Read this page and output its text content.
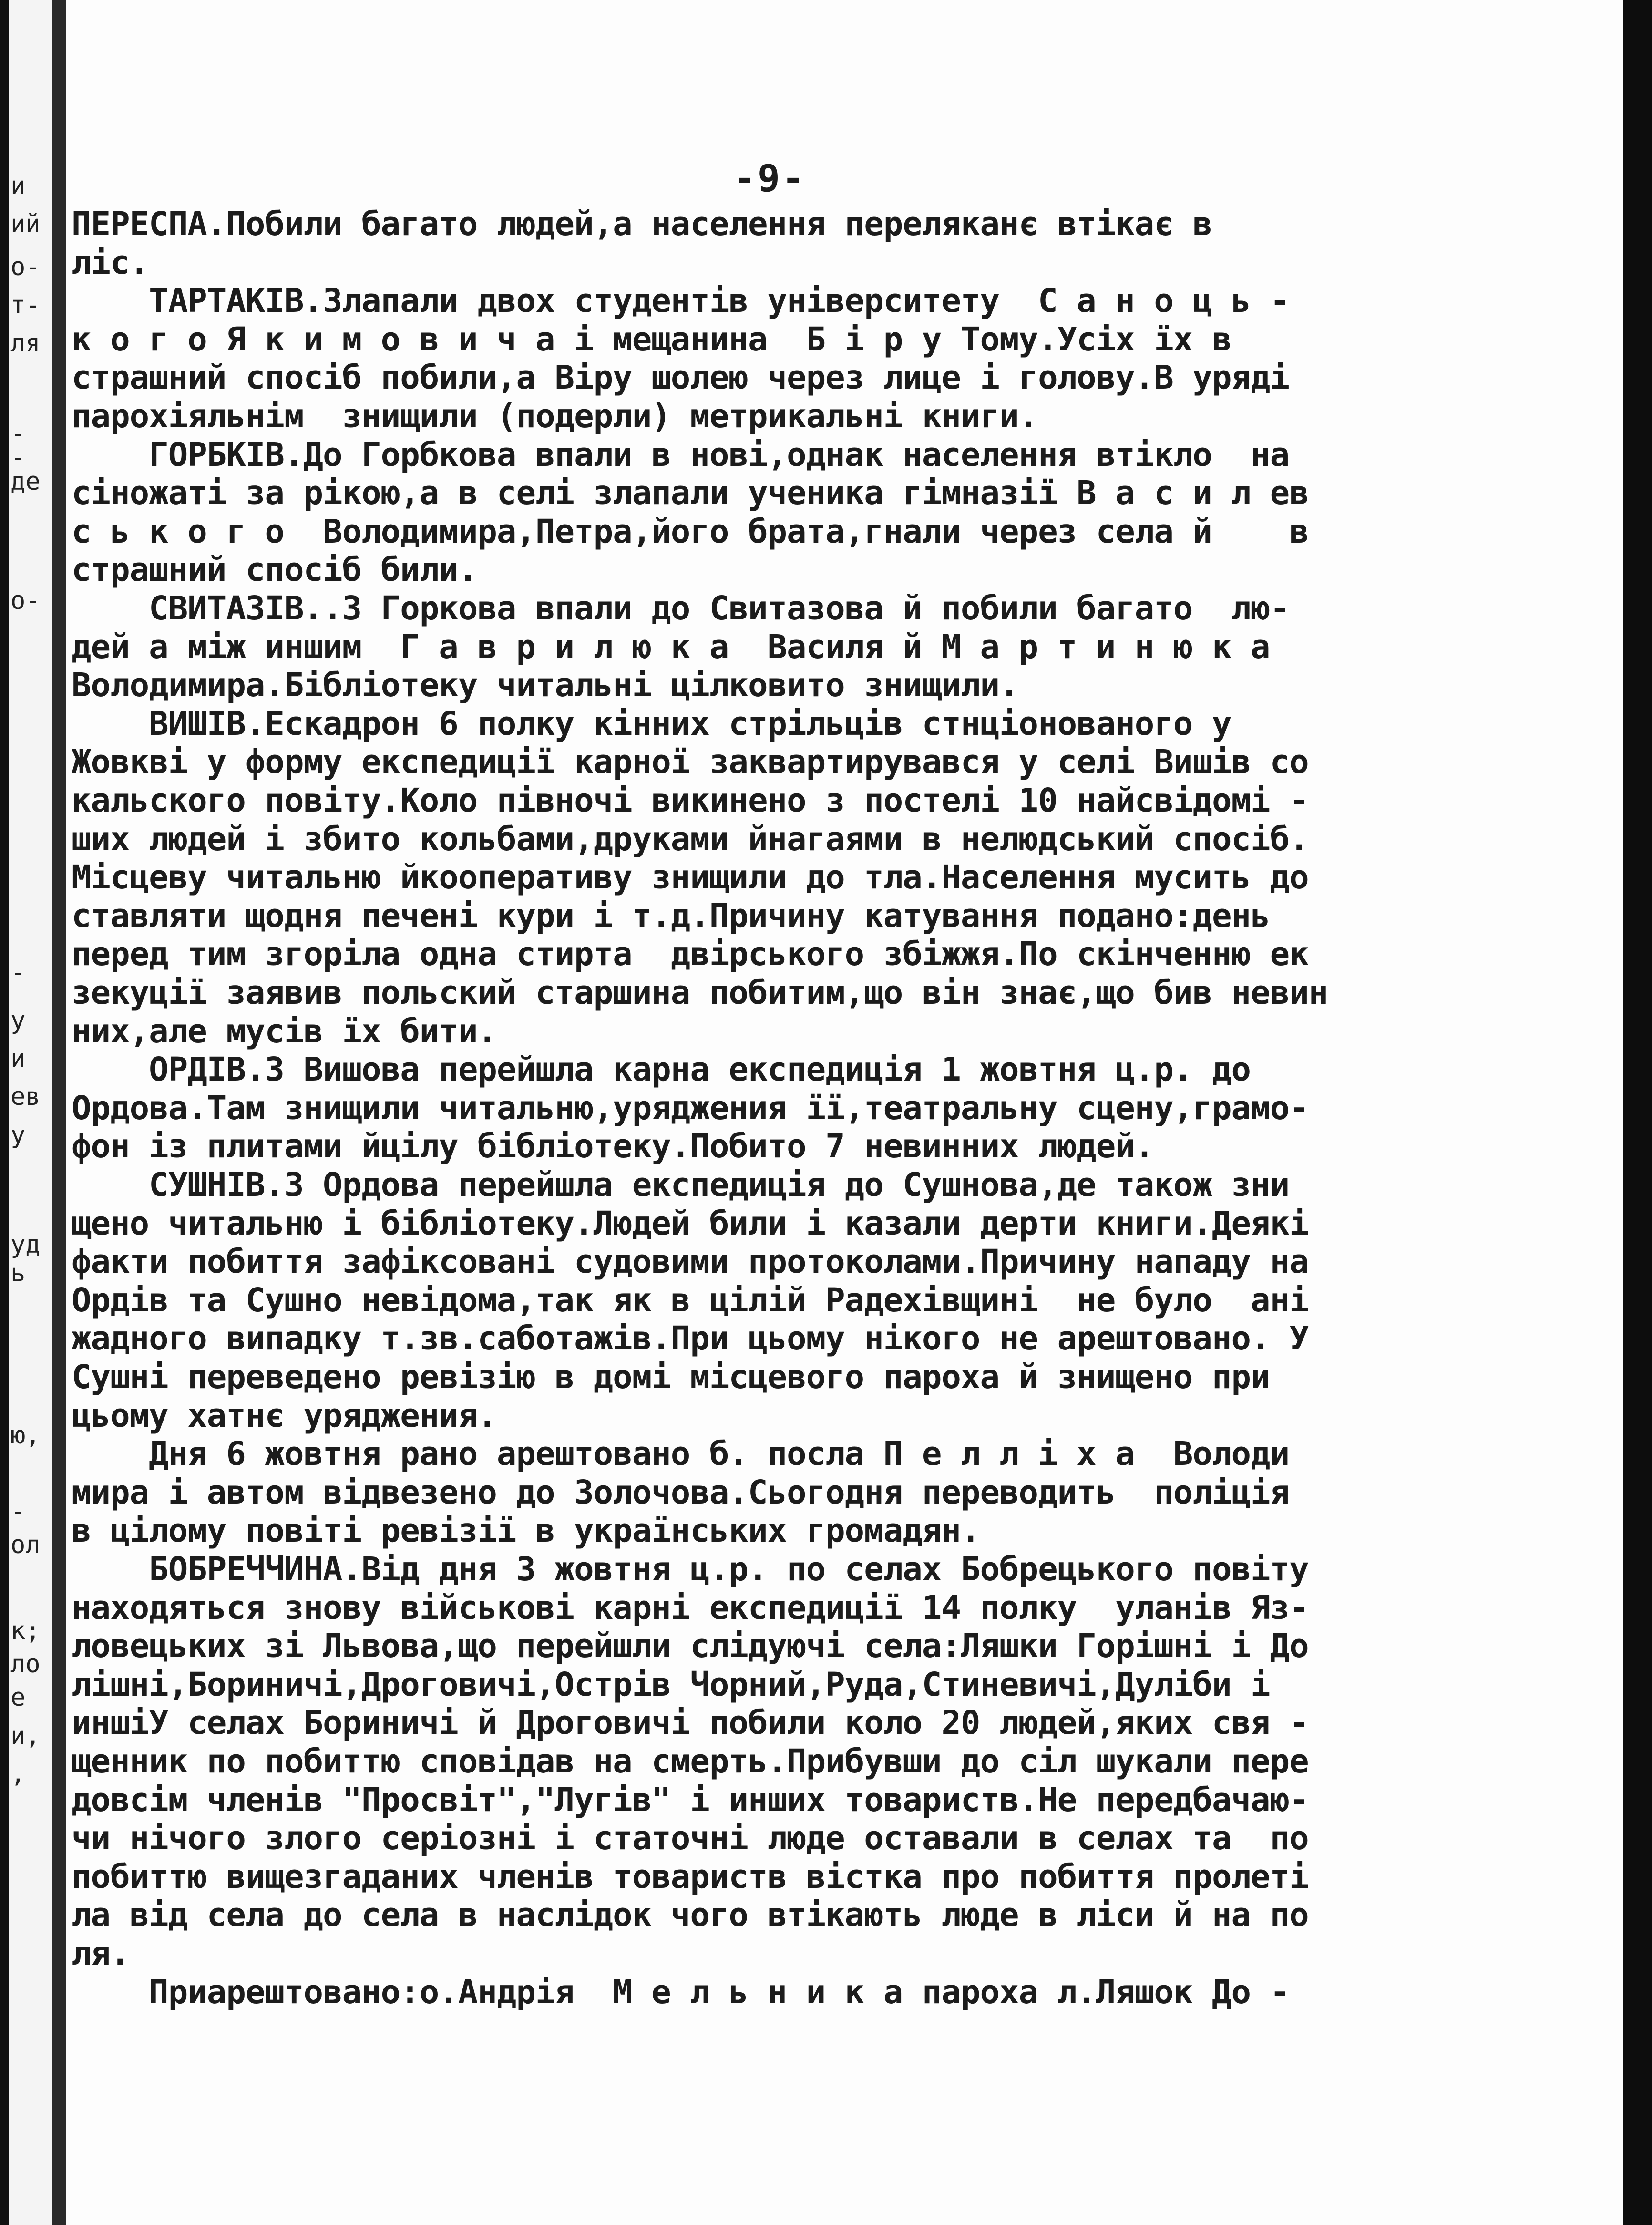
и
ий
о-
т-
ля
-
-
де
о-
-
у
и
ев
у
уд
ь
ю,
-
ол
к;
ло
е
и,
,
-9-
ПЕРЕСПА.Побили багато людей,а населення переляканє втікає в
ліс.
ТАРТАКІВ.Злапали двох студентів університету  С а н о ц ь -
к о г о Я к и м о в и ч а і мещанина  Б і р у Тому.Усіх їх в
страшний спосіб побили,а Віру шолею через лице і голову.В уряді
парохіяльнім  знищили (подерли) метрикальні книги.
ГОРБКІВ.До Горбкова впали в нові,однак населення втікло  на
сіножаті за рікою,а в селі злапали ученика гімназії В а с и л ев
с ь к о г о  Володимира,Петра,його брата,гнали через села й    в
страшний спосіб били.
СВИТАЗІВ..З Горкова впали до Свитазова й побили багато  лю-
дей а між иншим  Г а в р и л ю к а  Василя й М а р т и н ю к а
Володимира.Бібліотеку читальні цілковито знищили.
ВИШІВ.Ескадрон 6 полку кінних стрільців стнціонованого у
Жовкві у форму експедиції карної заквартирувався у селі Вишів со
кальского повіту.Коло півночі викинено з постелі 10 найсвідомі -
ших людей і збито кольбами,друками йнагаями в нелюдський спосіб.
Місцеву читальню йкооперативу знищили до тла.Населення мусить до
ставляти щодня печені кури і т.д.Причину катування подано:день
перед тим згоріла одна стирта  двірського збіжжя.По скінченню ек
зекуції заявив польский старшина побитим,що він знає,що бив невин
них,але мусів їх бити.
ОРДІВ.З Вишова перейшла карна експедиція 1 жовтня ц.р. до
Ордова.Там знищили читальню,уряджения її,театральну сцену,грамо-
фон із плитами йцілу бібліотеку.Побито 7 невинних людей.
СУШНІВ.З Ордова перейшла експедиція до Сушнова,де також зни
щено читальню і бібліотеку.Людей били і казали дерти книги.Деякі
факти побиття зафіксовані судовими протоколами.Причину нападу на
Ордів та Сушно невідома,так як в цілій Радехівщині  не було  ані
жадного випадку т.зв.саботажів.При цьому нікого не арештовано. У
Сушні переведено ревізію в домі місцевого пароха й знищено при
цьому хатнє уряджения.
Дня 6 жовтня рано арештовано б. посла П е л л і х а  Володи
мира і автом відвезено до Золочова.Сьогодня переводить  поліція
в цілому повіті ревізії в українських громадян.
БОБРЕЧЧИНА.Від дня 3 жовтня ц.р. по селах Бобрецького повіту
находяться знову військові карні експедиції 14 полку  уланів Яз-
ловецьких зі Львова,що перейшли слідуючі села:Ляшки Горішні і До
лішні,Бориничі,Дроговичі,Острів Чорний,Руда,Стиневичі,Дуліби і
иншіУ селах Бориничі й Дроговичі побили коло 20 людей,яких свя -
щенник по побиттю сповідав на смерть.Прибувши до сіл шукали пере
довсім членів "Просвіт","Лугів" і инших товариств.Не передбачаю-
чи нічого злого серіозні і статочні люде оставали в селах та  по
побиттю вищезгаданих членів товариств вістка про побиття пролеті
ла від села до села в наслідок чого втікають люде в ліси й на по
ля.
Приарештовано:о.Андрія  М е л ь н и к а пароха л.Ляшок До -
